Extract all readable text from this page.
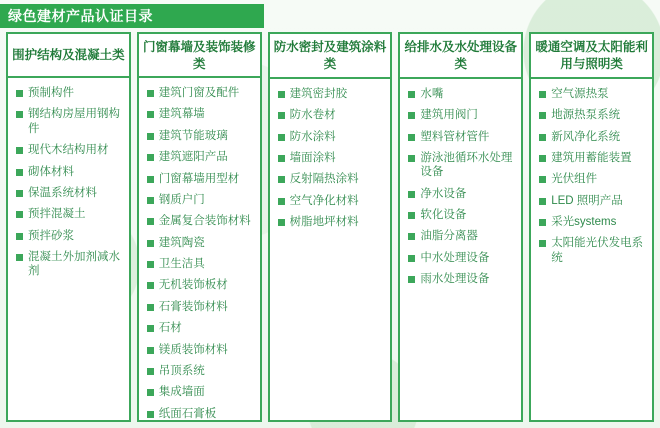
绿色建材产品认证目录
围护结构及混凝土类
预制构件
钢结构房屋用钢构件
现代木结构用材
砌体材料
保温系统材料
预拌混凝土
预拌砂浆
混凝土外加剂减水剂
门窗幕墙及装饰装修类
建筑门窗及配件
建筑幕墙
建筑节能玻璃
建筑遮阳产品
门窗幕墙用型材
钢质户门
金属复合装饰材料
建筑陶瓷
卫生洁具
无机装饰板材
石膏装饰材料
石材
镁质装饰材料
吊顶系统
集成墙面
纸面石膏板
防水密封及建筑涂料类
建筑密封胶
防水卷材
防水涂料
墙面涂料
反射隔热涂料
空气净化材料
树脂地坪材料
给排水及水处理设备类
水嘴
建筑用阀门
塑料管材管件
游泳池循环水处理设备
净水设备
软化设备
油脂分离器
中水处理设备
雨水处理设备
暖通空调及太阳能利用与照明类
空气源热泵
地源热泵系统
新风净化系统
建筑用蓄能装置
光伏组件
LED 照明产品
采光systems
太阳能光伏发电系统
